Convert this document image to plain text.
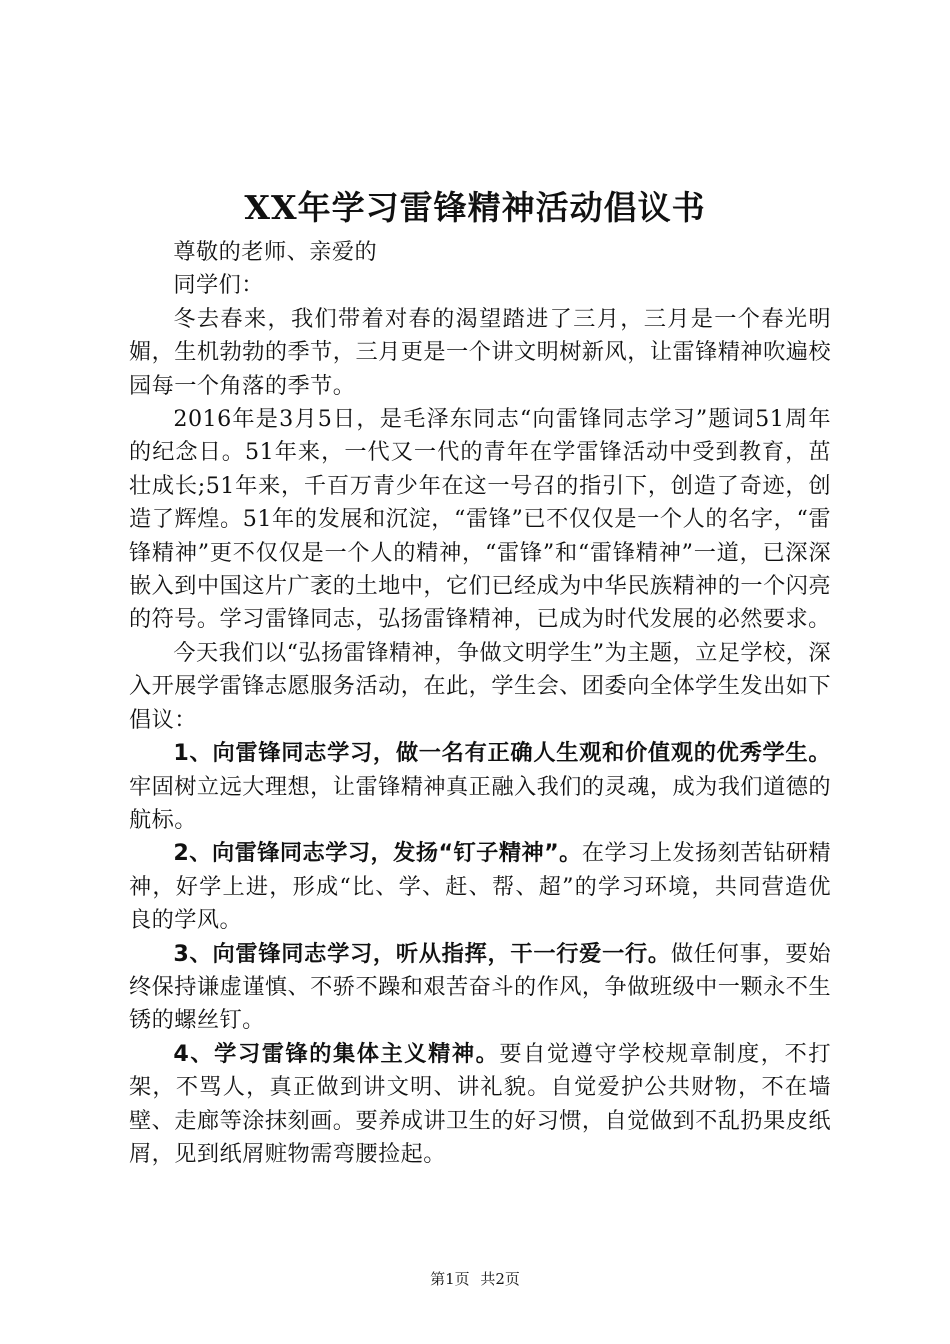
XX年学习雷锋精神活动倡议书

尊敬的老师、亲爱的

同学们：

冬去春来，我们带着对春的渴望踏进了三月，三月是一个春光明媚，生机勃勃的季节，三月更是一个讲文明树新风，让雷锋精神吹遍校园每一个角落的季节。

2016年是3月5日，是毛泽东同志“向雷锋同志学习”题词51周年的纪念日。51年来，一代又一代的青年在学雷锋活动中受到教育，茁壮成长;51年来，千百万青少年在这一号召的指引下，创造了奇迹，创造了辉煌。51年的发展和沉淀，“雷锋”已不仅仅是一个人的名字，“雷锋精神”更不仅仅是一个人的精神，“雷锋”和“雷锋精神”一道，已深深嵌入到中国这片广袤的土地中，它们已经成为中华民族精神的一个闪亮的符号。学习雷锋同志，弘扬雷锋精神，已成为时代发展的必然要求。

今天我们以“弘扬雷锋精神，争做文明学生”为主题，立足学校，深入开展学雷锋志愿服务活动，在此，学生会、团委向全体学生发出如下倡议：

1、向雷锋同志学习，做一名有正确人生观和价值观的优秀学生。牢固树立远大理想，让雷锋精神真正融入我们的灵魂，成为我们道德的航标。

2、向雷锋同志学习，发扬“钉子精神”。在学习上发扬刻苦钻研精神，好学上进，形成“比、学、赶、帮、超”的学习环境，共同营造优良的学风。

3、向雷锋同志学习，听从指挥，干一行爱一行。做任何事，要始终保持谦虚谨慎、不骄不躁和艰苦奋斗的作风，争做班级中一颗永不生锈的螺丝钉。

4、学习雷锋的集体主义精神。要自觉遵守学校规章制度，不打架，不骂人，真正做到讲文明、讲礼貌。自觉爱护公共财物，不在墙壁、走廊等涂抹刻画。要养成讲卫生的好习惯，自觉做到不乱扔果皮纸屑，见到纸屑赃物需弯腰捡起。

第1页 共2页
